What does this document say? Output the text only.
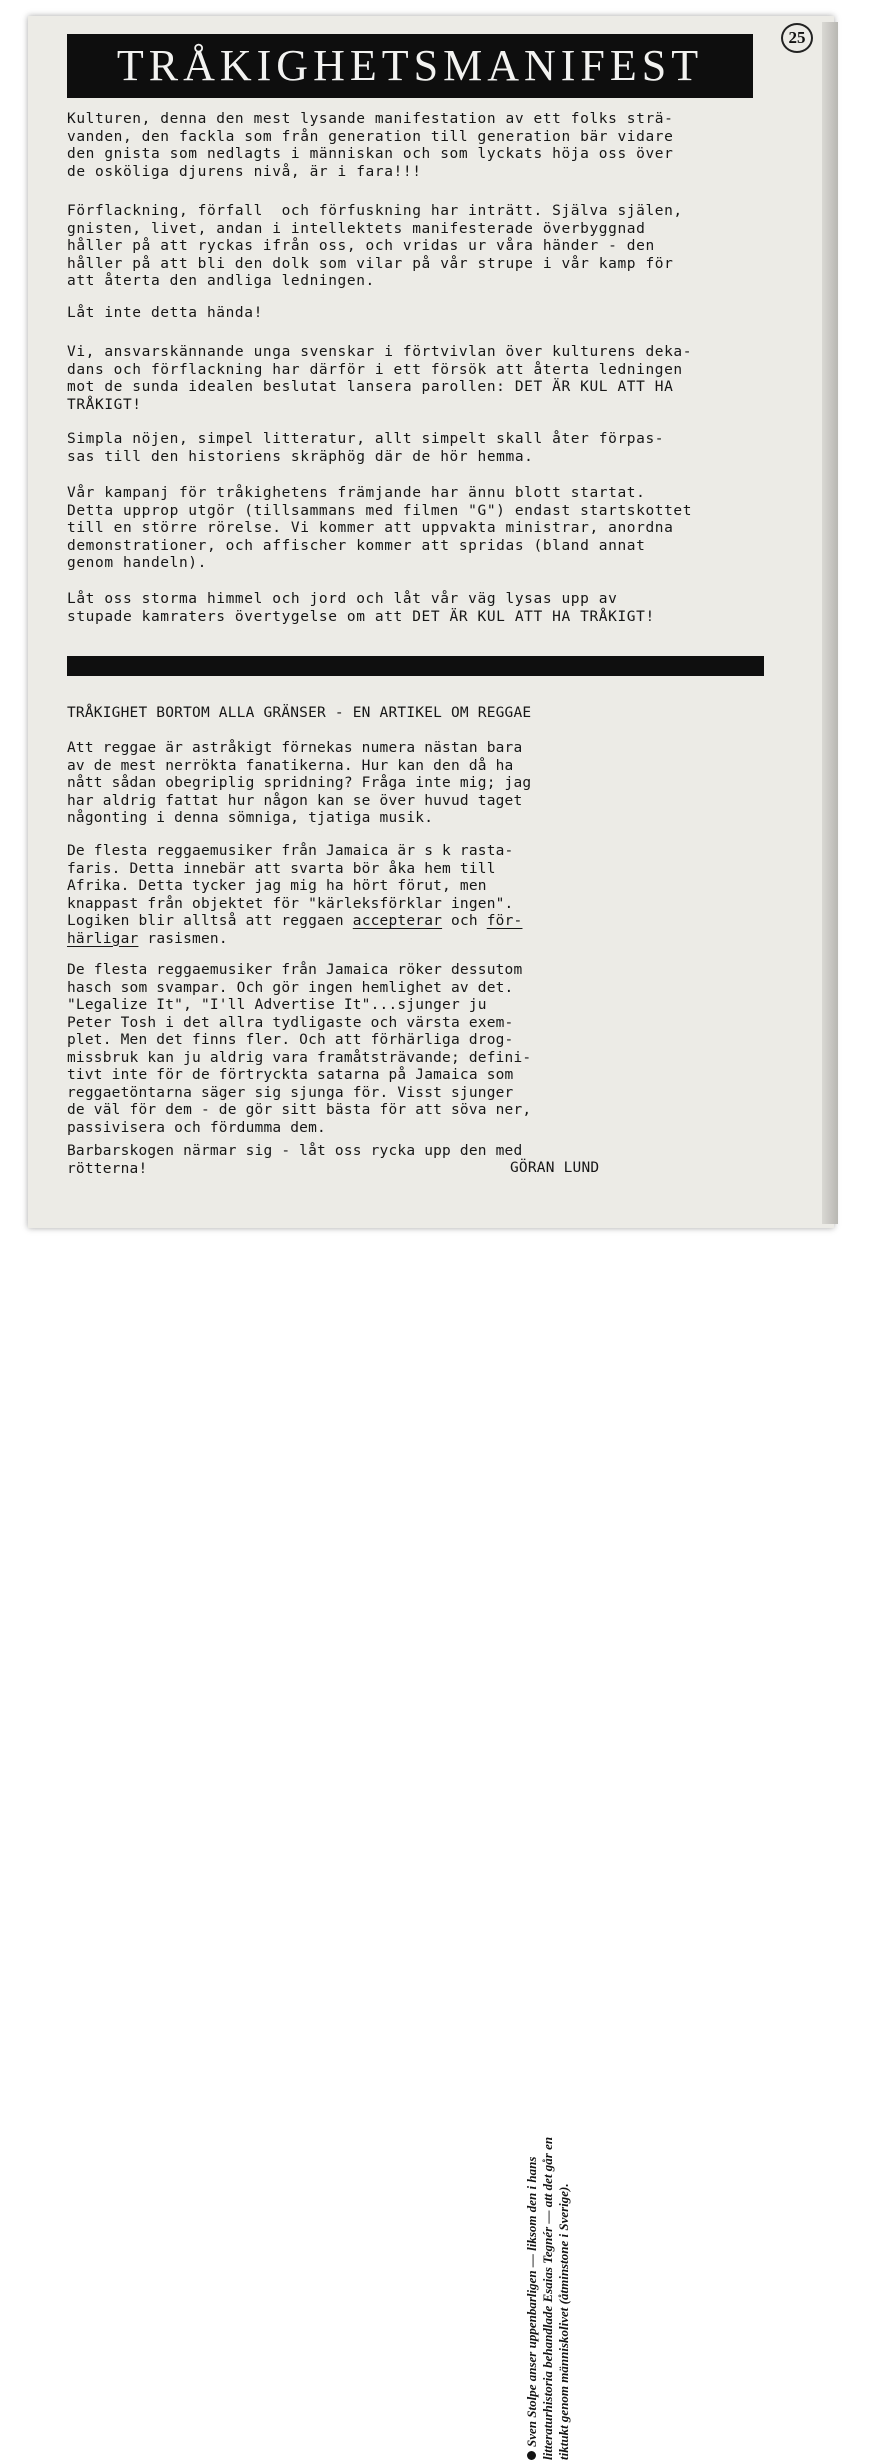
25
TRÅKIGHETSMANIFEST
Kulturen, denna den mest lysande manifestation av ett folks strä-
vanden, den fackla som från generation till generation bär vidare
den gnista som nedlagts i människan och som lyckats höja oss över
de osköliga djurens nivå, är i fara!!!
Förflackning, förfall  och förfuskning har inträtt. Själva själen,
gnisten, livet, andan i intellektets manifesterade överbyggnad
håller på att ryckas ifrån oss, och vridas ur våra händer - den
håller på att bli den dolk som vilar på vår strupe i vår kamp för
att återta den andliga ledningen.
Låt inte detta hända!
Vi, ansvarskännande unga svenskar i förtvivlan över kulturens deka-
dans och förflackning har därför i ett försök att återta ledningen
mot de sunda idealen beslutat lansera parollen: DET ÄR KUL ATT HA
TRÅKIGT!
Simpla nöjen, simpel litteratur, allt simpelt skall åter förpas-
sas till den historiens skräphög där de hör hemma.
Vår kampanj för tråkighetens främjande har ännu blott startat.
Detta upprop utgör (tillsammans med filmen "G") endast startskottet
till en större rörelse. Vi kommer att uppvakta ministrar, anordna
demonstrationer, och affischer kommer att spridas (bland annat
genom handeln).
Låt oss storma himmel och jord och låt vår väg lysas upp av
stupade kamraters övertygelse om att DET ÄR KUL ATT HA TRÅKIGT!
TRÅKIGHET BORTOM ALLA GRÄNSER - EN ARTIKEL OM REGGAE
Att reggae är astråkigt förnekas numera nästan bara
av de mest nerrökta fanatikerna. Hur kan den då ha
nått sådan obegriplig spridning? Fråga inte mig; jag
har aldrig fattat hur någon kan se över huvud taget
någonting i denna sömniga, tjatiga musik.
De flesta reggaemusiker från Jamaica är s k rasta-
faris. Detta innebär att svarta bör åka hem till
Afrika. Detta tycker jag mig ha hört förut, men
knappast från objektet för "kärleksförklar ingen".
Logiken blir alltså att reggaen accepterar och för-
härligar rasismen.
De flesta reggaemusiker från Jamaica röker dessutom
hasch som svampar. Och gör ingen hemlighet av det.
"Legalize It", "I'll Advertise It"...sjunger ju
Peter Tosh i det allra tydligaste och värsta exem-
plet. Men det finns fler. Och att förhärliga drog-
missbruk kan ju aldrig vara framåtsträvande; defini-
tivt inte för de förtryckta satarna på Jamaica som
reggaetöntarna säger sig sjunga för. Visst sjunger
de väl för dem - de gör sitt bästa för att söva ner,
passivisera och fördumma dem.
Barbarskogen närmar sig - låt oss rycka upp den med
rötterna!	GÖRAN LUND
Sven Stolpe anser uppenbarligen — liksom den i hans litteraturhistoria behandlade Esaias Tegnér — att det går en tiktukt genom människolivet (åtminstone i Sverige).
